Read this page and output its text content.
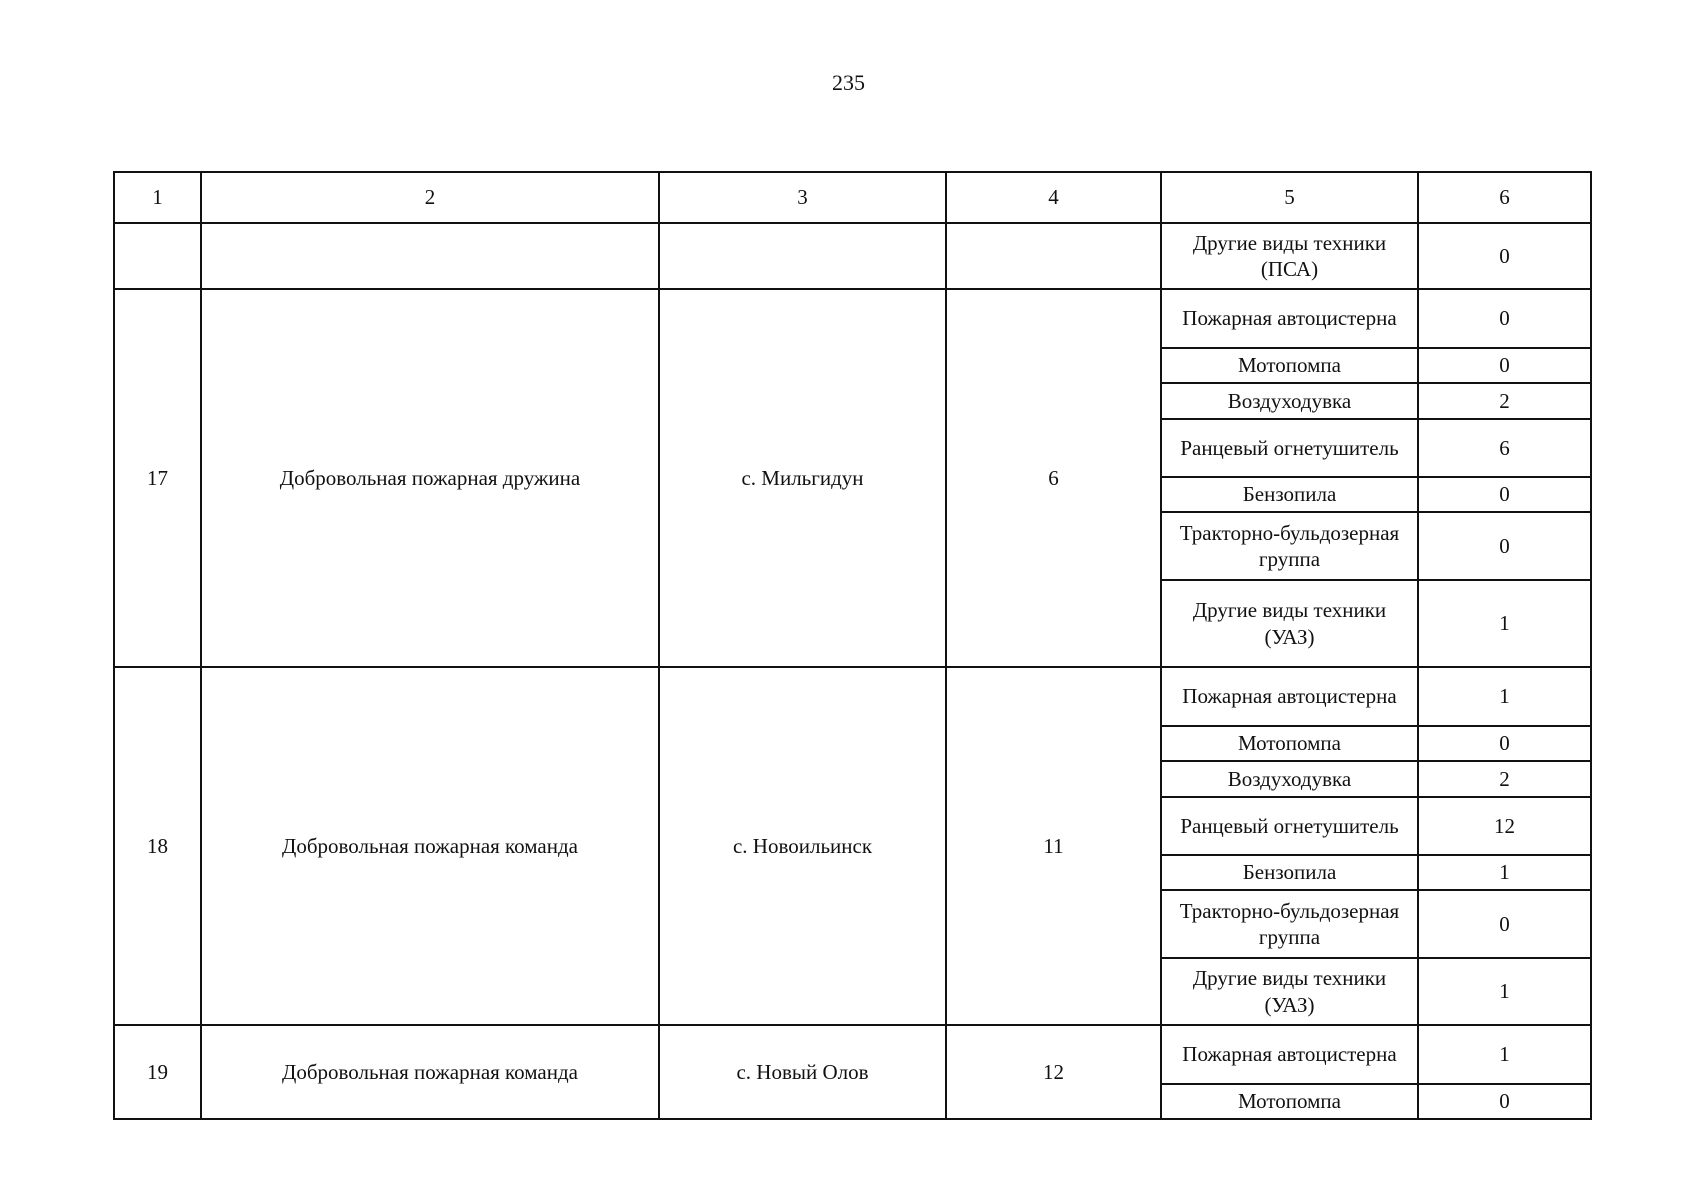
235
1	2	3	4	5	6
				Другие виды техники (ПСА)	0
17	Добровольная пожарная дружина	с. Мильгидун	6	Пожарная автоцистерна	0
				Мотопомпа	0
				Воздуходувка	2
				Ранцевый огнетушитель	6
				Бензопила	0
				Тракторно-бульдозерная группа	0
				Другие виды техники (УАЗ)	1
18	Добровольная пожарная команда	с. Новоильинск	11	Пожарная автоцистерна	1
				Мотопомпа	0
				Воздуходувка	2
				Ранцевый огнетушитель	12
				Бензопила	1
				Тракторно-бульдозерная группа	0
				Другие виды техники (УАЗ)	1
19	Добровольная пожарная команда	с. Новый Олов	12	Пожарная автоцистерна	1
				Мотопомпа	0
